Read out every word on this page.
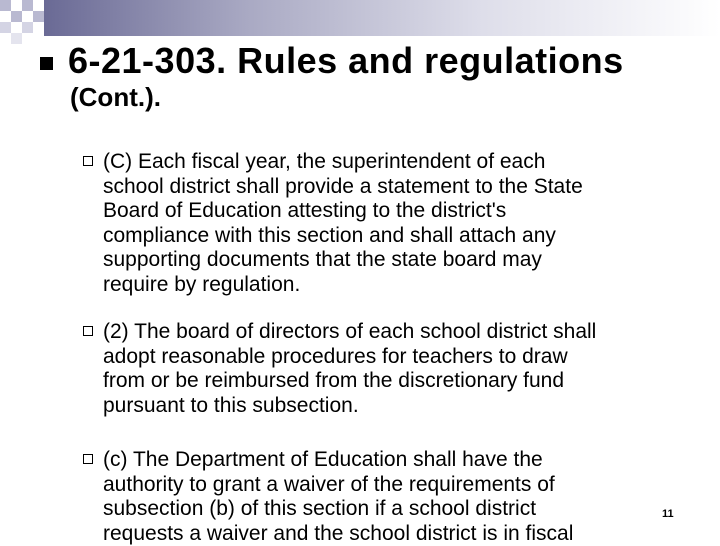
6-21-303. Rules and regulations
(Cont.).
(C) Each fiscal year, the superintendent of each
school district shall provide a statement to the State
Board of Education attesting to the district's
compliance with this section and shall attach any
supporting documents that the state board may
require by regulation.
(2) The board of directors of each school district shall
adopt reasonable procedures for teachers to draw
from or be reimbursed from the discretionary fund
pursuant to this subsection.
(c) The Department of Education shall have the
authority to grant a waiver of the requirements of
subsection (b) of this section if a school district
requests a waiver and the school district is in fiscal
11
